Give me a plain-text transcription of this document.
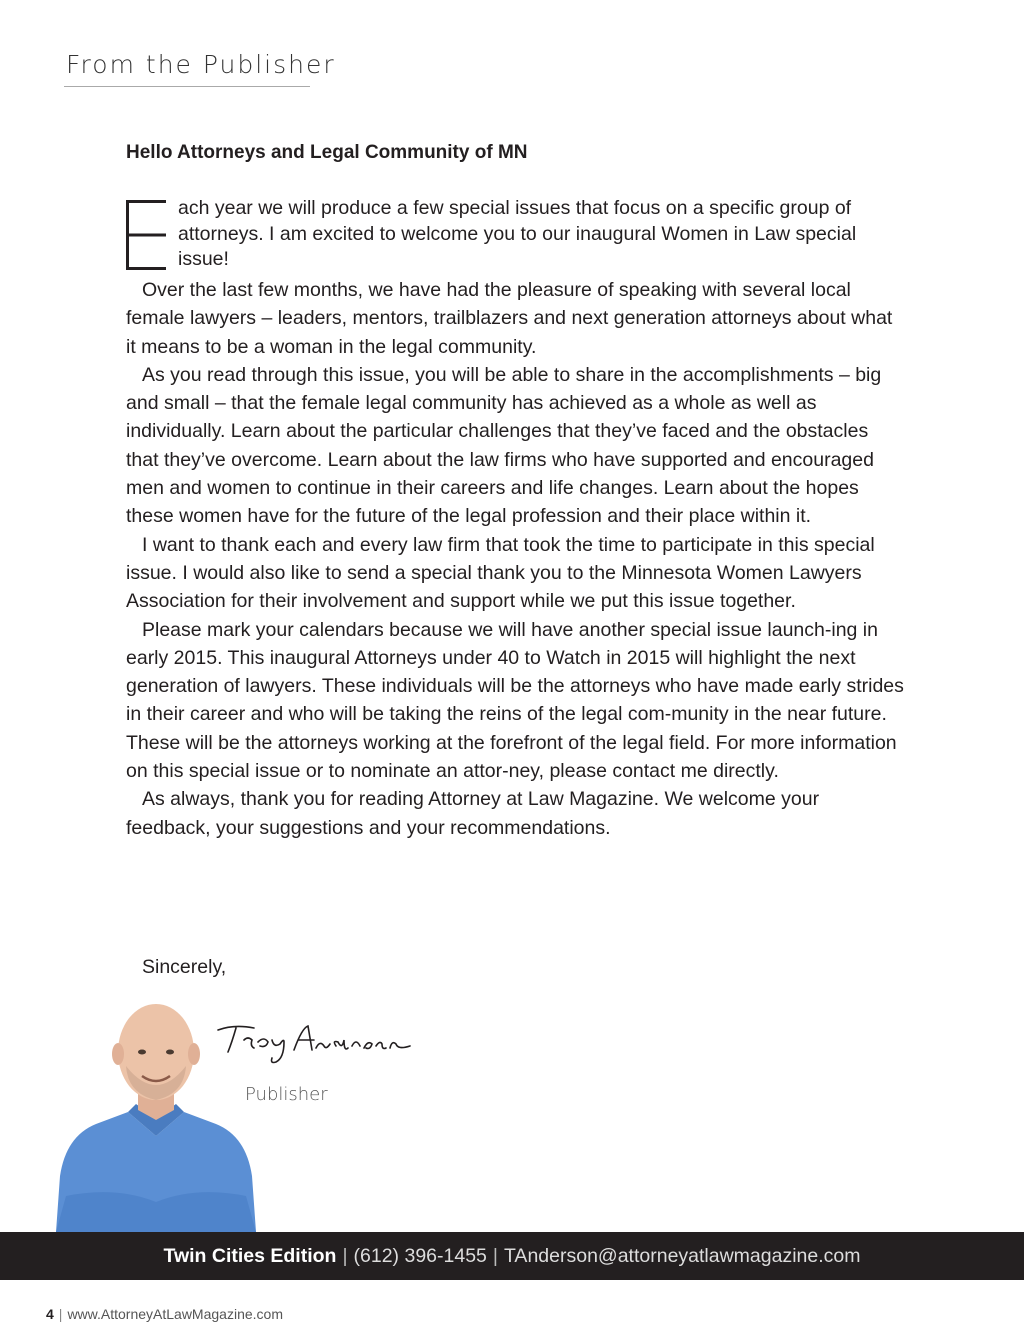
From the Publisher
Hello Attorneys and Legal Community of MN
ach year we will produce a few special issues that focus on a specific group of attorneys. I am excited to welcome you to our inaugural Women in Law special issue!

Over the last few months, we have had the pleasure of speaking with several local female lawyers – leaders, mentors, trailblazers and next generation attorneys about what it means to be a woman in the legal community.

As you read through this issue, you will be able to share in the accomplishments – big and small – that the female legal community has achieved as a whole as well as individually. Learn about the particular challenges that they’ve faced and the obstacles that they’ve overcome. Learn about the law firms who have supported and encouraged men and women to continue in their careers and life changes. Learn about the hopes these women have for the future of the legal profession and their place within it.

I want to thank each and every law firm that took the time to participate in this special issue. I would also like to send a special thank you to the Minnesota Women Lawyers Association for their involvement and support while we put this issue together.

Please mark your calendars because we will have another special issue launch-ing in early 2015. This inaugural Attorneys under 40 to Watch in 2015 will highlight the next generation of lawyers. These individuals will be the attorneys who have made early strides in their career and who will be taking the reins of the legal com-munity in the near future. These will be the attorneys working at the forefront of the legal field. For more information on this special issue or to nominate an attor-ney, please contact me directly.

As always, thank you for reading Attorney at Law Magazine. We welcome your feedback, your suggestions and your recommendations.

Sincerely,
Publisher
Twin Cities Edition | (612) 396-1455 | TAnderson@attorneyatlawmagazine.com
4 | www.AttorneyAtLawMagazine.com
